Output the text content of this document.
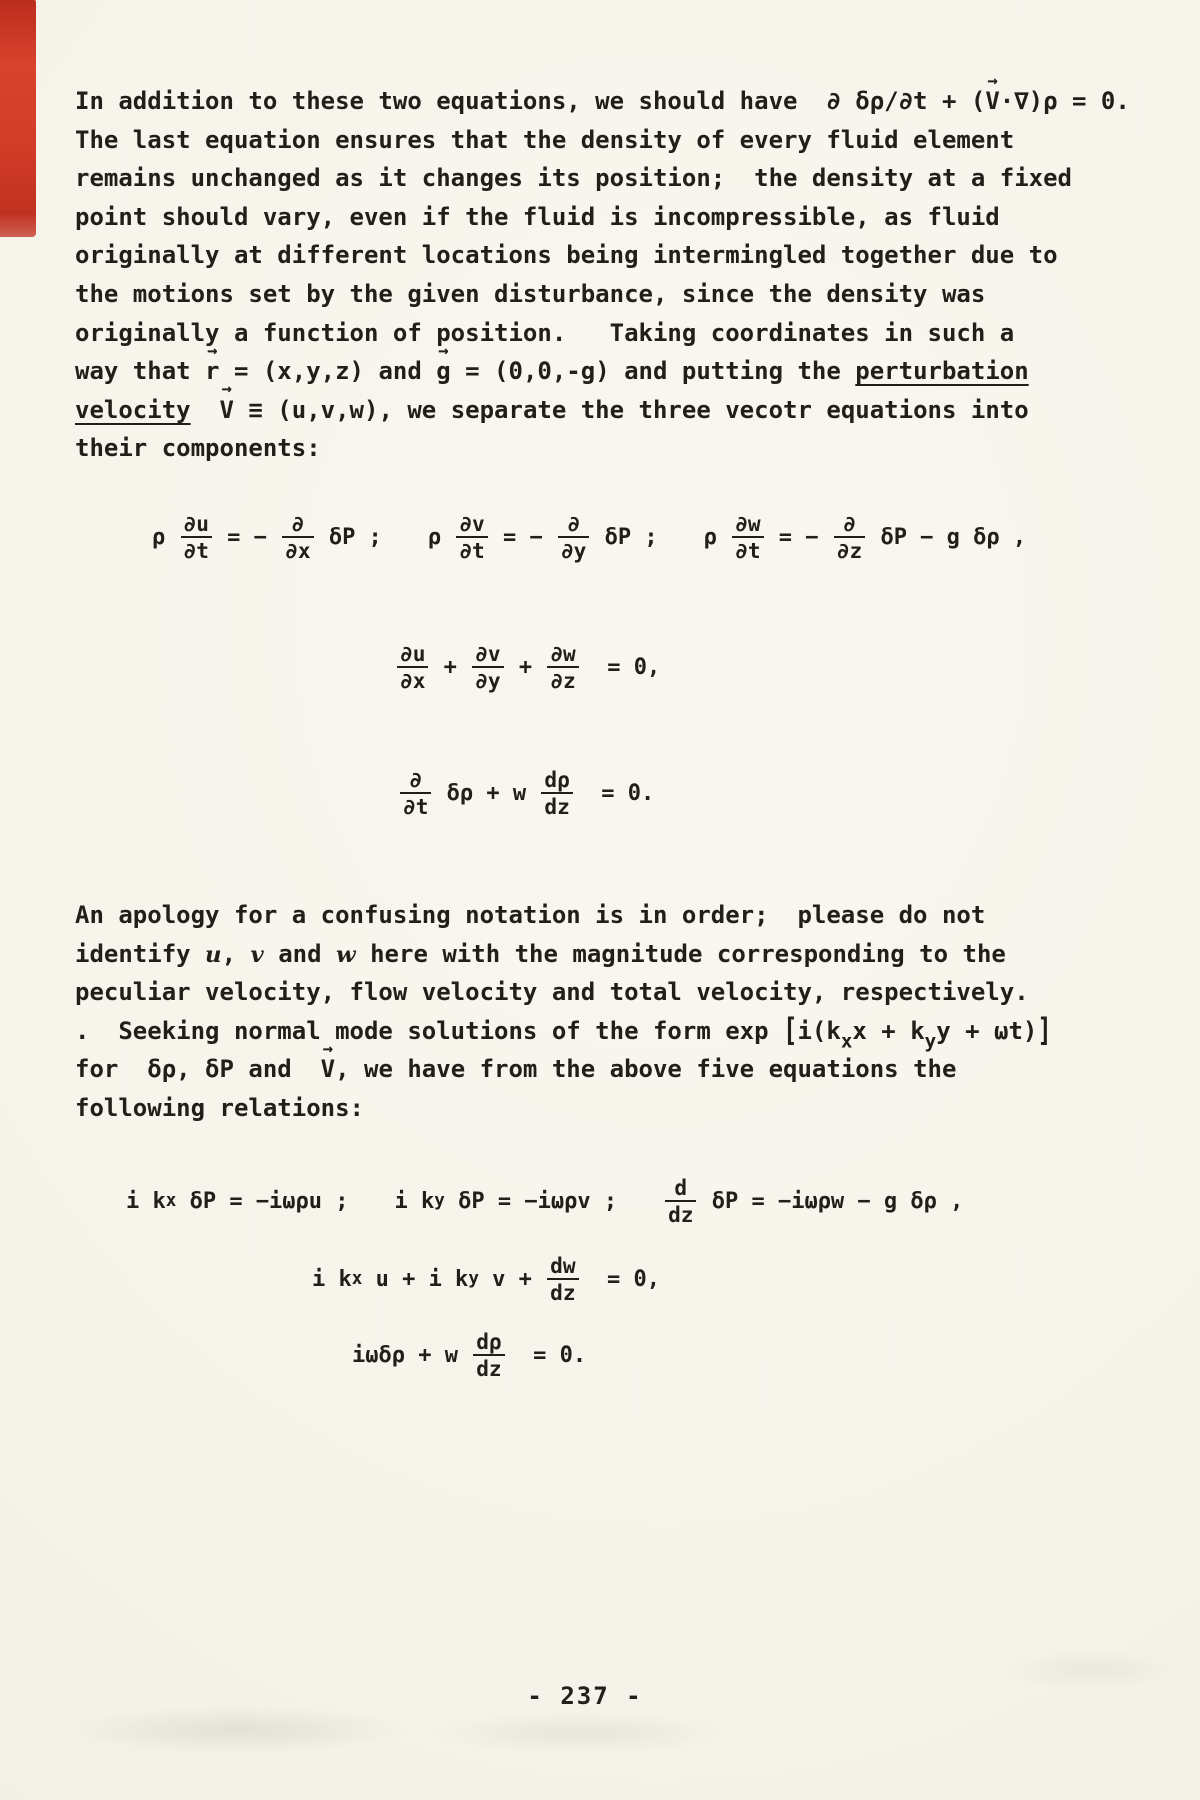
In addition to these two equations, we should have  ∂ δρ/∂t + (
→
V·∇)ρ = 0.
The last equation ensures that the density of every fluid element
remains unchanged as it changes its position;  the density at a fixed
point should vary, even if the fluid is incompressible, as fluid
originally at different locations being intermingled together due to
the motions set by the given disturbance, since the density was
originally a function of position.   Taking coordinates in such a
way that
→
r = (x,y,z) and
→
g = (0,0,-g) and putting the perturbation
velocity
→
V ≡ (u,v,w), we separate the three vecotr equations into
their components:
ρ $\frac{\partial u}{\partial t}$ = − $\frac{\partial}{\partial x}$ δP ; ρ $\frac{\partial v}{\partial t}$ = − $\frac{\partial}{\partial y}$ δP ; ρ $\frac{\partial w}{\partial t}$ = − $\frac{\partial}{\partial z}$ δP − g δρ ,
$\frac{\partial u}{\partial x} + \frac{\partial v}{\partial y} + \frac{\partial w}{\partial z} = 0$,
$\frac{\partial}{\partial t}$ δρ + w $\frac{d\rho}{dz} = 0$.
An apology for a confusing notation is in order;  please do not
identify u, v and w here with the magnitude corresponding to the
peculiar velocity, flow velocity and total velocity, respectively.
.  Seeking normal mode solutions of the form $\exp [i(k_xx + k_yy + \omega t)]$
for  δρ, δP and
→
V, we have from the above five equations the
following relations:
i k x δP = −iωρu ; i k y δP = −iωρv ; $\frac{d}{dz}$ δP = −iωρw − g δρ ,
i k x u + i k y $v + \frac{dw}{dz} = 0$,
iωδρ + w $\frac{d\rho}{dz} = 0$.
- 237 -
